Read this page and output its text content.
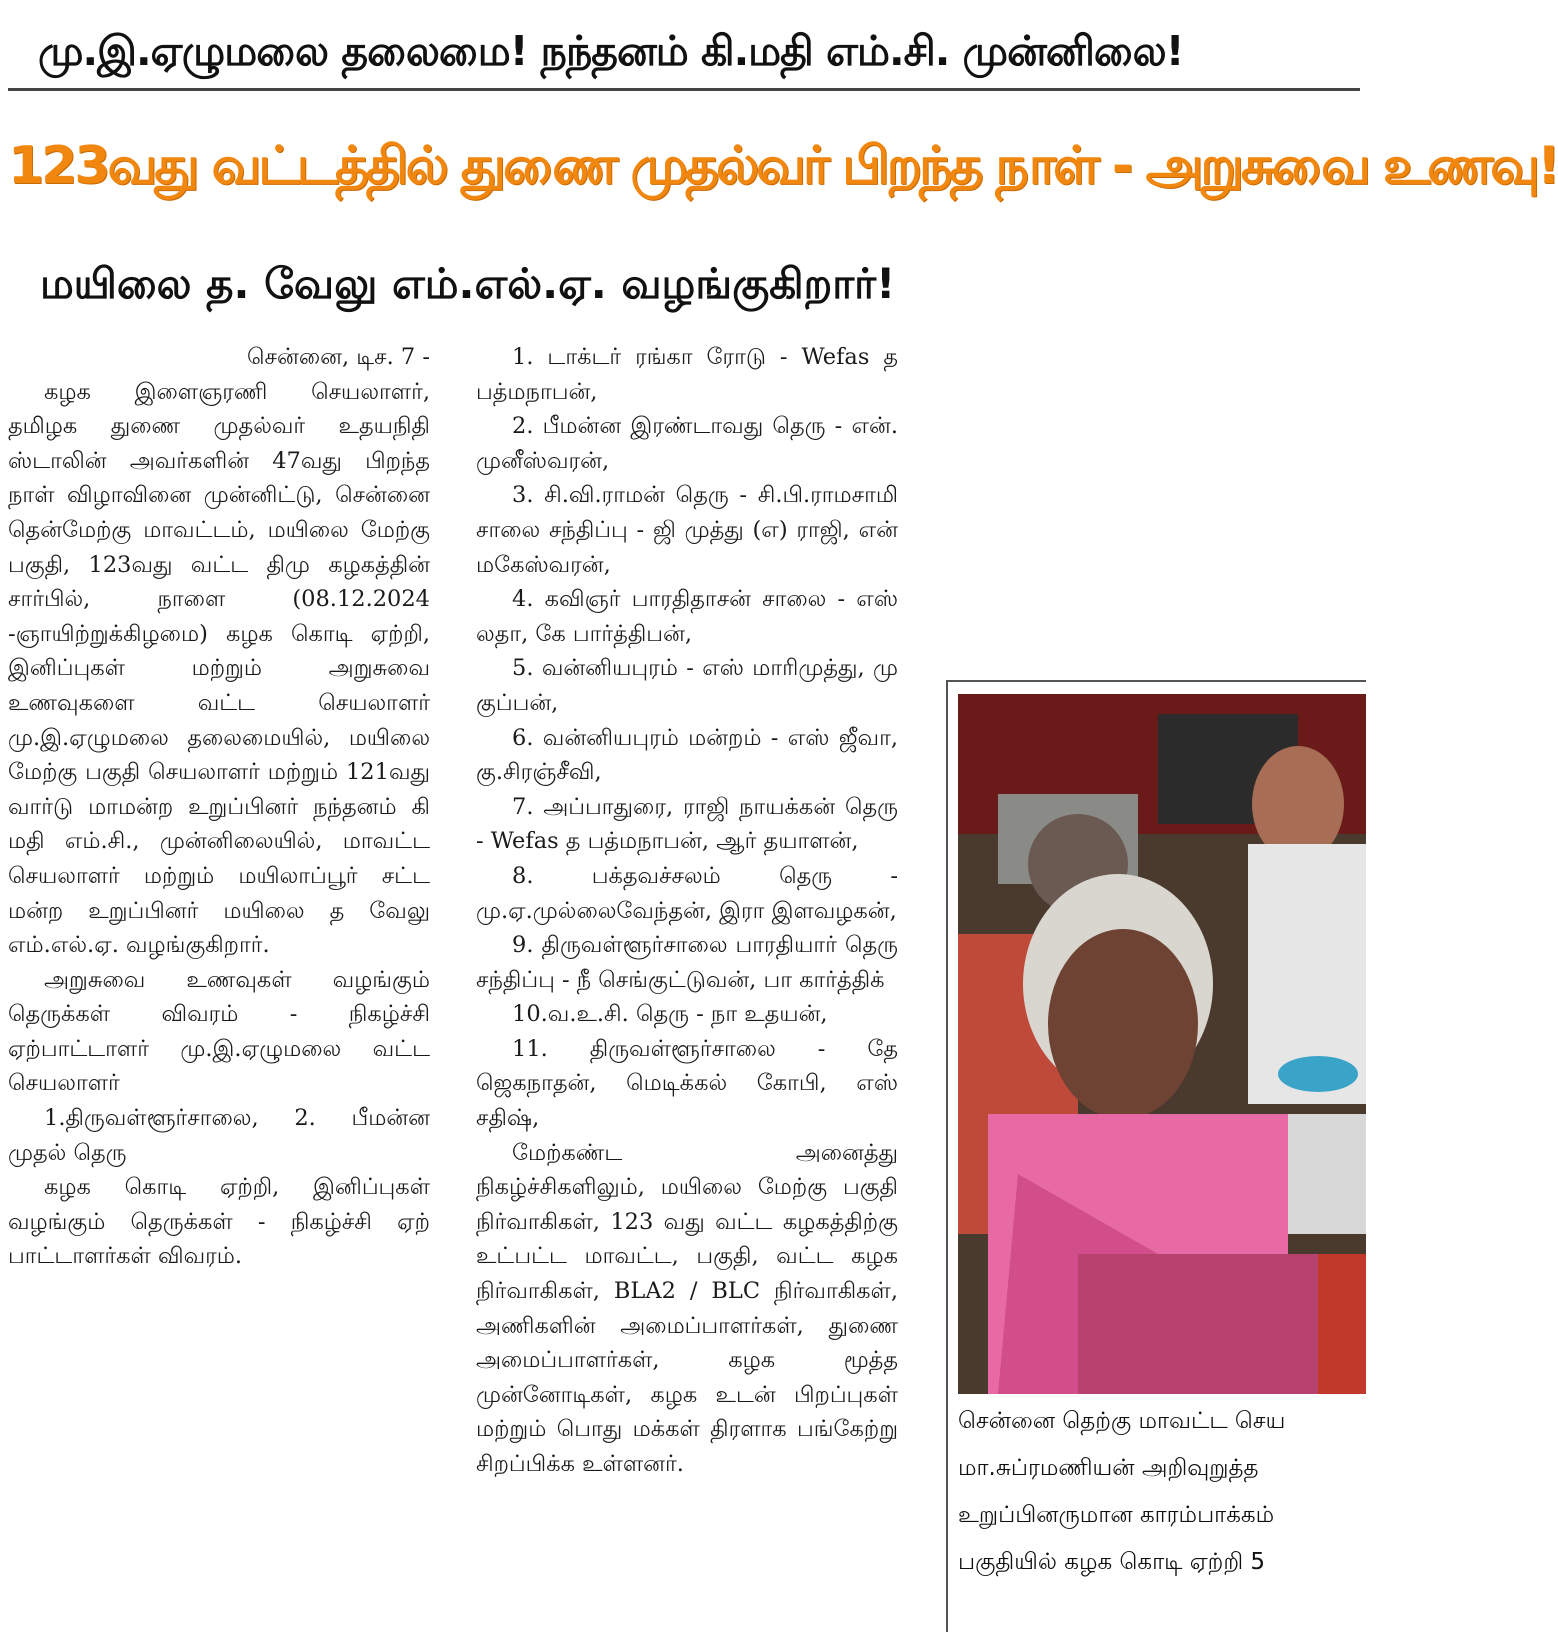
மு.இ.ஏழுமலை தலைமை! நந்தனம் கி.மதி எம்.சி. முன்னிலை!
123வது வட்டத்தில் துணை முதல்வர் பிறந்த நாள் - அறுசுவை உணவு!
மயிலை த. வேலு எம்.எல்.ஏ. வழங்குகிறார்!

சென்னை, டிச. 7 -

கழக இளைஞரணி செயலாளர், தமிழக துணை முதல்வர் உதயநிதி ஸ்டாலின் அவர்களின் 47வது பிறந்த நாள் விழாவினை முன்னிட்டு, சென்னை தென்மேற்கு மாவட்டம், மயிலை மேற்கு பகுதி, 123வது வட்ட திமு கழகத்தின் சார்பில், நாளை (08.12.2024 -ஞாயிற்றுக்கிழமை) கழக கொடி ஏற்றி, இனிப்புகள் மற்றும் அறுசுவை உணவுகளை வட்ட செயலாளர் மு.இ.ஏழுமலை தலைமையில், மயிலை மேற்கு பகுதி செயலாளர் மற்றும் 121வது வார்டு மாமன்ற உறுப்பினர் நந்தனம் கி மதி எம்.சி., முன்னிலையில், மாவட்ட செயலாளர் மற்றும் மயிலாப்பூர் சட்ட மன்ற உறுப்பினர் மயிலை த வேலு எம்.எல்.ஏ. வழங்குகிறார்.

அறுசுவை உணவுகள் வழங்கும் தெருக்கள் விவரம் - நிகழ்ச்சி ஏற்பாட்டாளர் மு.இ.ஏழுமலை வட்ட செயலாளர்

1.திருவள்ளூர்சாலை, 2. பீமன்ன முதல் தெரு

கழக கொடி ஏற்றி, இனிப்புகள் வழங்கும் தெருக்கள் - நிகழ்ச்சி ஏற் பாட்டாளர்கள் விவரம்.

1. டாக்டர் ரங்கா ரோடு - Wefas த பத்மநாபன்,

2. பீமன்ன இரண்டாவது தெரு - என். முனீஸ்வரன்,

3. சி.வி.ராமன் தெரு - சி.பி.ராமசாமி சாலை சந்திப்பு - ஜி முத்து (எ) ராஜி, என் மகேஸ்வரன்,

4. கவிஞர் பாரதிதாசன் சாலை - எஸ் லதா, கே பார்த்திபன்,

5. வன்னியபுரம் - எஸ் மாரிமுத்து, மு குப்பன்,

6. வன்னியபுரம் மன்றம் - எஸ் ஜீவா, கு.சிரஞ்சீவி,

7. அப்பாதுரை, ராஜி நாயக்கன் தெரு - Wefas த பத்மநாபன், ஆர் தயாளன்,

8. பக்தவச்சலம் தெரு - மு.ஏ.முல்லைவேந்தன், இரா இளவழகன்,

9. திருவள்ளூர்சாலை பாரதியார் தெரு சந்திப்பு - நீ செங்குட்டுவன், பா கார்த்திக்

10.வ.உ.சி. தெரு - நா உதயன்,

11. திருவள்ளூர்சாலை - தே ஜெகநாதன், மெடிக்கல் கோபி, எஸ் சதிஷ்,

மேற்கண்ட அனைத்து நிகழ்ச்சிகளிலும், மயிலை மேற்கு பகுதி நிர்வாகிகள், 123 வது வட்ட கழகத்திற்கு உட்பட்ட மாவட்ட, பகுதி, வட்ட கழக நிர்வாகிகள், BLA2 / BLC நிர்வாகிகள், அணிகளின் அமைப்பாளர்கள், துணை அமைப்பாளர்கள், கழக மூத்த முன்னோடிகள், கழக உடன் பிறப்புகள் மற்றும் பொது மக்கள் திரளாக பங்கேற்று சிறப்பிக்க உள்ளனர்.

சென்னை தெற்கு மாவட்ட செய

மா.சுப்ரமணியன் அறிவுறுத்த

உறுப்பினருமான காரம்பாக்கம்

பகுதியில் கழக கொடி ஏற்றி 5
